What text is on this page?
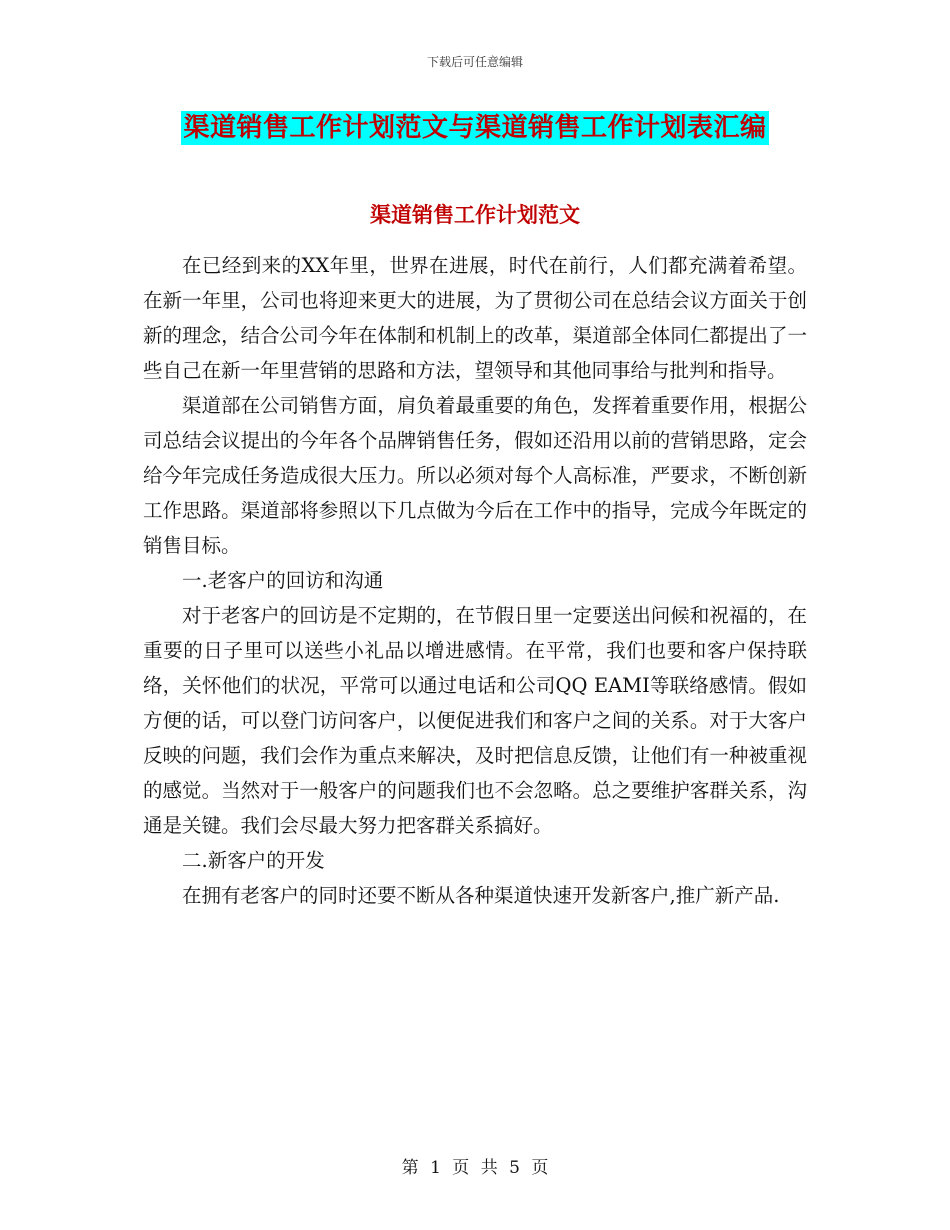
下载后可任意编辑
渠道销售工作计划范文与渠道销售工作计划表汇编
渠道销售工作计划范文

在已经到来的XX年里，世界在进展，时代在前行，人们都充满着希望。在新一年里，公司也将迎来更大的进展，为了贯彻公司在总结会议方面关于创新的理念，结合公司今年在体制和机制上的改革，渠道部全体同仁都提出了一些自己在新一年里营销的思路和方法，望领导和其他同事给与批判和指导。

渠道部在公司销售方面，肩负着最重要的角色，发挥着重要作用，根据公司总结会议提出的今年各个品牌销售任务，假如还沿用以前的营销思路，定会给今年完成任务造成很大压力。所以必须对每个人高标准，严要求，不断创新工作思路。渠道部将参照以下几点做为今后在工作中的指导，完成今年既定的销售目标。

一.老客户的回访和沟通

对于老客户的回访是不定期的，在节假日里一定要送出问候和祝福的，在重要的日子里可以送些小礼品以增进感情。在平常，我们也要和客户保持联络，关怀他们的状况，平常可以通过电话和公司QQ EAMI等联络感情。假如方便的话，可以登门访问客户，以便促进我们和客户之间的关系。对于大客户反映的问题，我们会作为重点来解决，及时把信息反馈，让他们有一种被重视的感觉。当然对于一般客户的问题我们也不会忽略。总之要维护客群关系，沟通是关键。我们会尽最大努力把客群关系搞好。

二.新客户的开发

在拥有老客户的同时还要不断从各种渠道快速开发新客户,推广新产品.

第 1 页 共 5 页
